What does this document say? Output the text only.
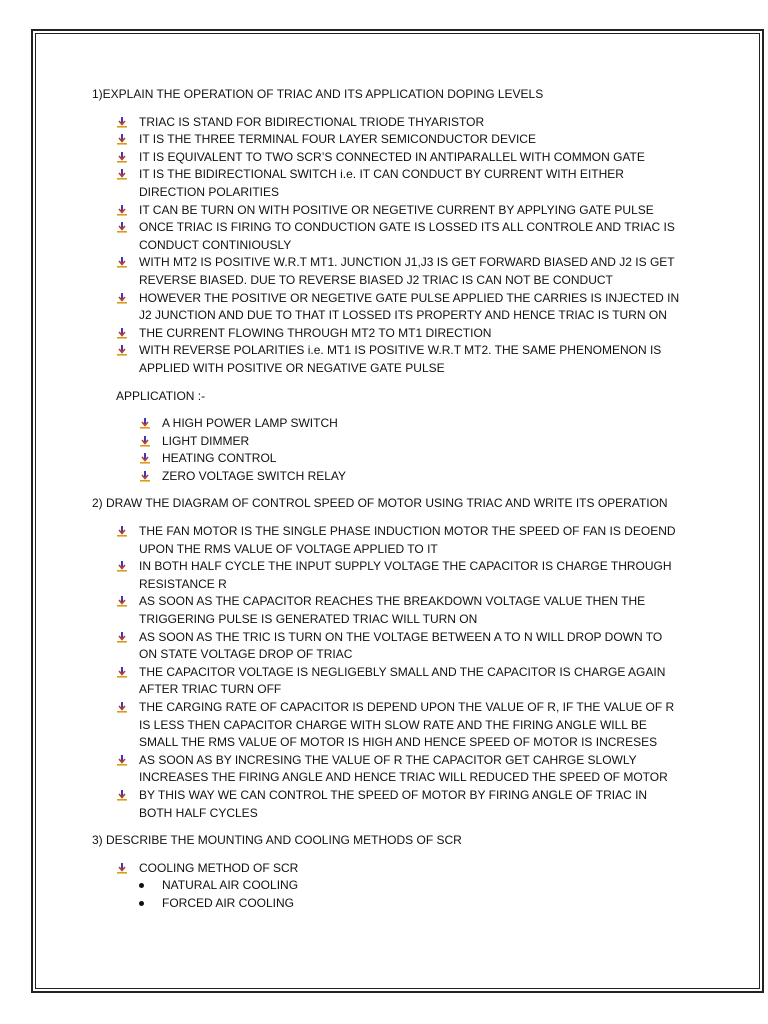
1)EXPLAIN THE OPERATION OF TRIAC AND ITS APPLICATION DOPING LEVELS

TRIAC IS STAND FOR BIDIRECTIONAL TRIODE THYARISTOR
IT IS THE THREE TERMINAL FOUR LAYER SEMICONDUCTOR DEVICE
IT IS EQUIVALENT TO TWO SCR’S CONNECTED IN ANTIPARALLEL WITH COMMON GATE
IT IS THE BIDIRECTIONAL SWITCH i.e. IT CAN CONDUCT BY CURRENT WITH EITHER DIRECTION POLARITIES
IT CAN BE TURN ON WITH POSITIVE OR NEGETIVE CURRENT BY APPLYING GATE PULSE
ONCE TRIAC IS FIRING TO CONDUCTION GATE IS LOSSED ITS ALL CONTROLE AND TRIAC IS CONDUCT CONTINIOUSLY
WITH MT2 IS POSITIVE W.R.T MT1. JUNCTION J1,J3 IS GET FORWARD BIASED AND J2 IS GET REVERSE BIASED. DUE TO REVERSE BIASED J2 TRIAC IS CAN NOT BE CONDUCT
HOWEVER THE POSITIVE OR NEGETIVE GATE PULSE APPLIED THE CARRIES IS INJECTED IN J2 JUNCTION AND DUE TO THAT IT LOSSED ITS PROPERTY AND HENCE TRIAC IS TURN ON
THE CURRENT FLOWING THROUGH MT2 TO MT1 DIRECTION
WITH REVERSE POLARITIES i.e. MT1 IS POSITIVE W.R.T MT2. THE SAME PHENOMENON IS APPLIED WITH POSITIVE OR NEGATIVE GATE PULSE

APPLICATION :-

A HIGH POWER LAMP SWITCH
LIGHT DIMMER
HEATING CONTROL
ZERO VOLTAGE SWITCH RELAY

2) DRAW THE DIAGRAM OF CONTROL SPEED OF MOTOR USING TRIAC AND WRITE ITS OPERATION

THE FAN MOTOR IS THE SINGLE PHASE INDUCTION MOTOR THE SPEED OF FAN IS DEOEND UPON THE RMS VALUE OF VOLTAGE APPLIED TO IT
IN BOTH HALF CYCLE THE INPUT SUPPLY VOLTAGE THE CAPACITOR IS CHARGE THROUGH RESISTANCE R
AS SOON AS THE CAPACITOR REACHES THE BREAKDOWN VOLTAGE VALUE THEN THE TRIGGERING PULSE IS GENERATED TRIAC WILL TURN ON
AS SOON AS THE TRIC IS TURN ON THE VOLTAGE BETWEEN A TO N WILL DROP DOWN TO ON STATE VOLTAGE DROP OF TRIAC
THE CAPACITOR VOLTAGE IS NEGLIGEBLY SMALL AND THE CAPACITOR IS CHARGE AGAIN AFTER TRIAC TURN OFF
THE CARGING RATE OF CAPACITOR IS DEPEND UPON THE VALUE OF R, IF THE VALUE OF R IS LESS THEN CAPACITOR CHARGE WITH SLOW RATE AND THE FIRING ANGLE WILL BE SMALL THE RMS VALUE OF MOTOR IS HIGH AND HENCE SPEED OF MOTOR IS INCRESES
AS SOON AS BY INCRESING THE VALUE OF R THE CAPACITOR GET CAHRGE SLOWLY INCREASES THE FIRING ANGLE AND HENCE TRIAC WILL REDUCED THE SPEED OF MOTOR
BY THIS WAY WE CAN CONTROL THE SPEED OF MOTOR BY FIRING ANGLE OF TRIAC IN BOTH HALF CYCLES

3) DESCRIBE THE MOUNTING AND COOLING METHODS OF SCR

COOLING METHOD OF SCR
NATURAL AIR COOLING
FORCED AIR COOLING
